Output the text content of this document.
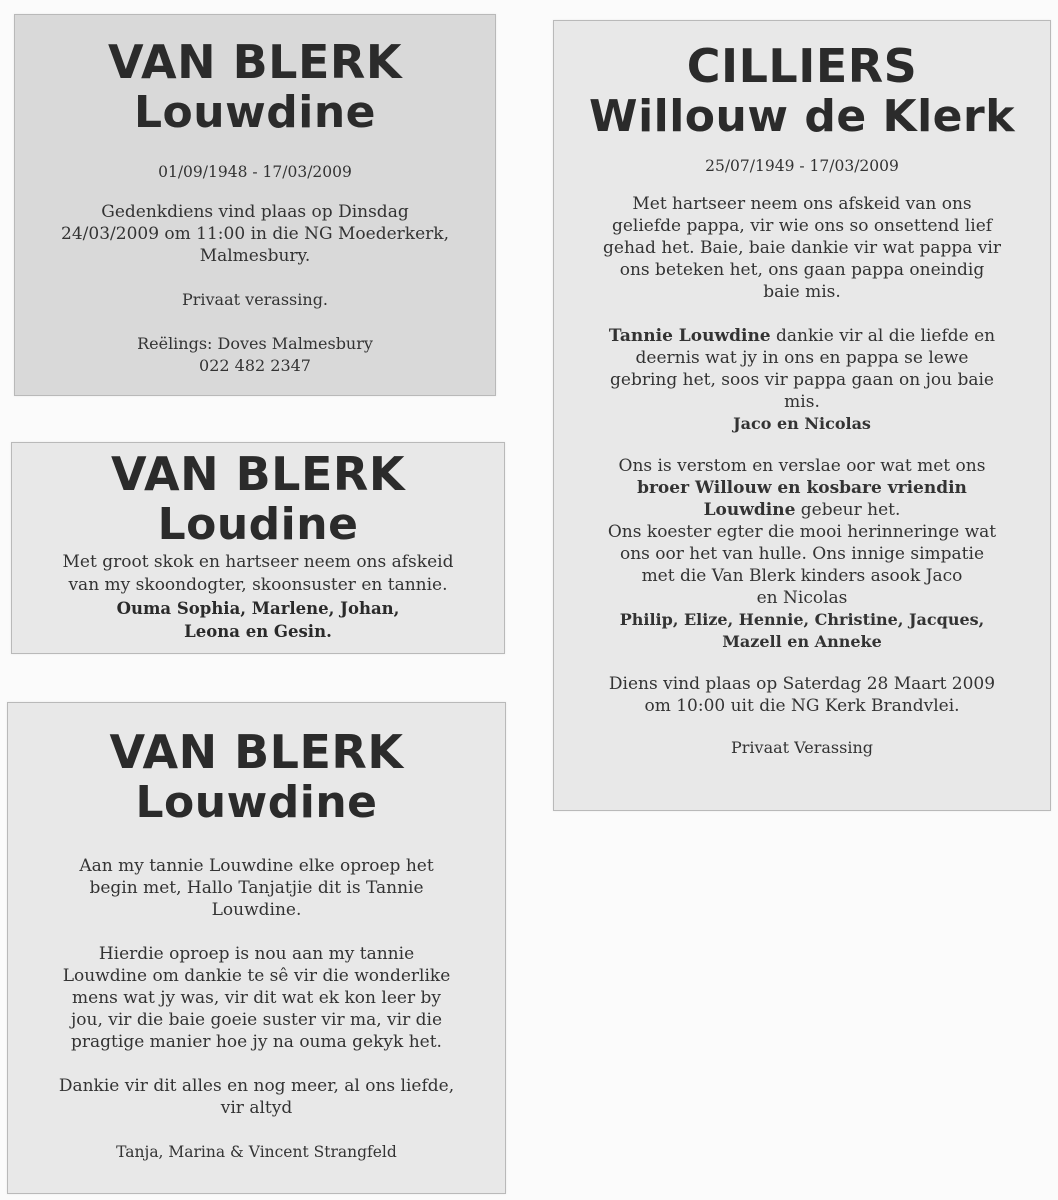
VAN BLERK
Louwdine
01/09/1948 - 17/03/2009
Gedenkdiens vind plaas op Dinsdag
24/03/2009 om 11:00 in die NG Moederkerk,
Malmesbury.
Privaat verassing.
Reëlings: Doves Malmesbury
022 482 2347
VAN BLERK
Loudine
Met groot skok en hartseer neem ons afskeid
van my skoondogter, skoonsuster en tannie.
Ouma Sophia, Marlene, Johan,
Leona en Gesin.
VAN BLERK
Louwdine
Aan my tannie Louwdine elke oproep het
begin met, Hallo Tanjatjie dit is Tannie
Louwdine.
Hierdie oproep is nou aan my tannie
Louwdine om dankie te sê vir die wonderlike
mens wat jy was, vir dit wat ek kon leer by
jou, vir die baie goeie suster vir ma, vir die
pragtige manier hoe jy na ouma gekyk het.
Dankie vir dit alles en nog meer, al ons liefde,
vir altyd
Tanja, Marina & Vincent Strangfeld
CILLIERS
Willouw de Klerk
25/07/1949 - 17/03/2009
Met hartseer neem ons afskeid van ons
geliefde pappa, vir wie ons so onsettend lief
gehad het. Baie, baie dankie vir wat pappa vir
ons beteken het, ons gaan pappa oneindig
baie mis.
Tannie Louwdine dankie vir al die liefde en
deernis wat jy in ons en pappa se lewe
gebring het, soos vir pappa gaan on jou baie
mis.
Jaco en Nicolas
Ons is verstom en verslae oor wat met ons
broer Willouw en kosbare vriendin
Louwdine gebeur het.
Ons koester egter die mooi herinneringe wat
ons oor het van hulle. Ons innige simpatie
met die Van Blerk kinders asook Jaco
en Nicolas
Philip, Elize, Hennie, Christine, Jacques,
Mazell en Anneke
Diens vind plaas op Saterdag 28 Maart 2009
om 10:00 uit die NG Kerk Brandvlei.
Privaat Verassing
